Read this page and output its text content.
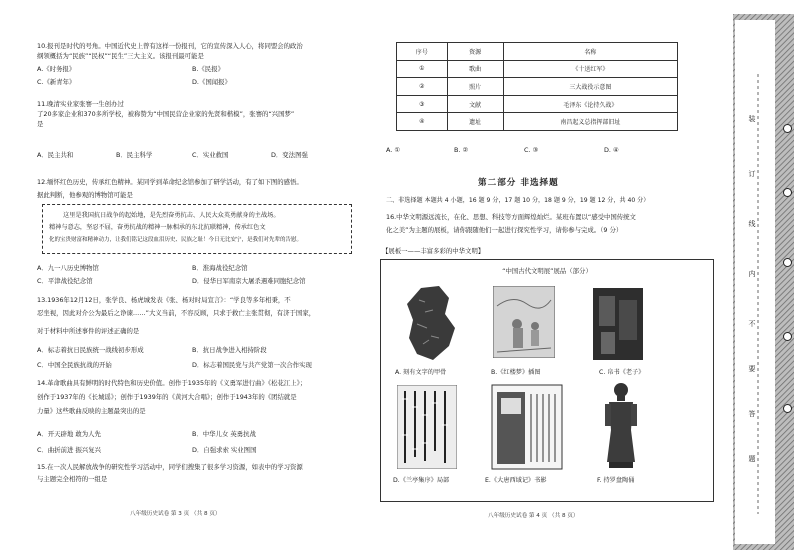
10.报刊是时代的号角。中国近代史上曾有这样一份报刊，它的宣传深入人心，将同盟会的政治
纲领概括为“民族”“民权”“民生”三大主义。该报刊最可能是
A.《时务报》	B.《民报》
C.《新青年》	D.《国闻报》
11.晚清实业家张謇一生创办过
了20多家企业和370多所学校，被称赞为“中国民营企业家的先贤和楷模”，张謇的“兴国梦”
是
A．民主共和	B．民主科学	C．实业救国	D．变法图强
12.缅怀红色历史，传承红色精神。某同学到革命纪念馆参加了研学活动，有了如下图的感悟。
据此判断，他参观的博物馆可能是
这里是我国抗日战争的起始地，是先烈奋勇抗击、人民大众英勇献身的主战场。
精神与意志，坚忍不屈，奋勇抗战的精神一脉相承的东北抗联精神，传承红色文
化的宝贵财富和精神动力，让我们铭记这段血泪历史、民族之耻！今日无比安宁，是我们对先辈的告慰。
A．九一八历史博物馆	B．淮海战役纪念馆
C．平津战役纪念馆	D．侵华日军南京大屠杀遇难同胞纪念馆
13.1936年12月12日，张学良、杨虎城发表《张、杨对时局宣言》：“学良等多年相秉，不
忍坐视，因此对介公为最后之诤谏……”大义当前，不容反顾，只求于救亡主张贯彻，有济于国家，
对于材料中所述事件的评述正确的是
A．标志着抗日民族统一战线初步形成	B．抗日战争进入相持阶段
C．中国全民族抗战的开始	D．标志着国民党与共产党第一次合作实现
14.革命歌曲具有鲜明的时代特色和历史价值。创作于1935年的《义勇军进行曲》《松花江上》；
创作于1937年的《长城谣》；创作于1939年的《黄河大合唱》；创作于1943年的《团结就是
力量》这些歌曲反映的主题最突出的是
A．开天辟地 敢为人先	B．中华儿女 英勇抗战
C．曲折前进 振兴复兴	D．自强求索 实业图国
15.在一次人民解放战争的研究性学习活动中，同学们搜集了很多学习资源，如表中的学习资源
与主题完全相符的一组是
八年级历史试卷 第 3 页 （共 8 页）
序号	资源	名称
①	歌曲	《十送红军》
②	照片	三大战役示意图
③	文献	毛泽东《论持久战》
④	遗址	南昌起义总指挥部旧址
A. ①	B. ②	C. ③	D. ④
第二部分 非选择题
二、非选择题 本题共 4 小题，16 题 9 分，17 题 10 分，18 题 9 分，19 题 12 分，共 40 分）
16.中华文明源远流长，在化、思想、科技等方面辉煌灿烂。某班布置以“感受中国传统文
化之美”为主题的展板，请你跟随他们一起进行探究性学习，请你参与完成。（9 分）
【展板一——丰富多彩的中华文明】
“中国古代文明展”展品（部分）
A. 刻有文字的甲骨	B.《红楼梦》插图	C. 帛书《老子》
D.《兰亭集序》局部	E.《大唐西域记》书影	F. 持罗盘陶俑
八年级历史试卷 第 4 页 （共 8 页）
装
订
线
内
不
要
答
题
